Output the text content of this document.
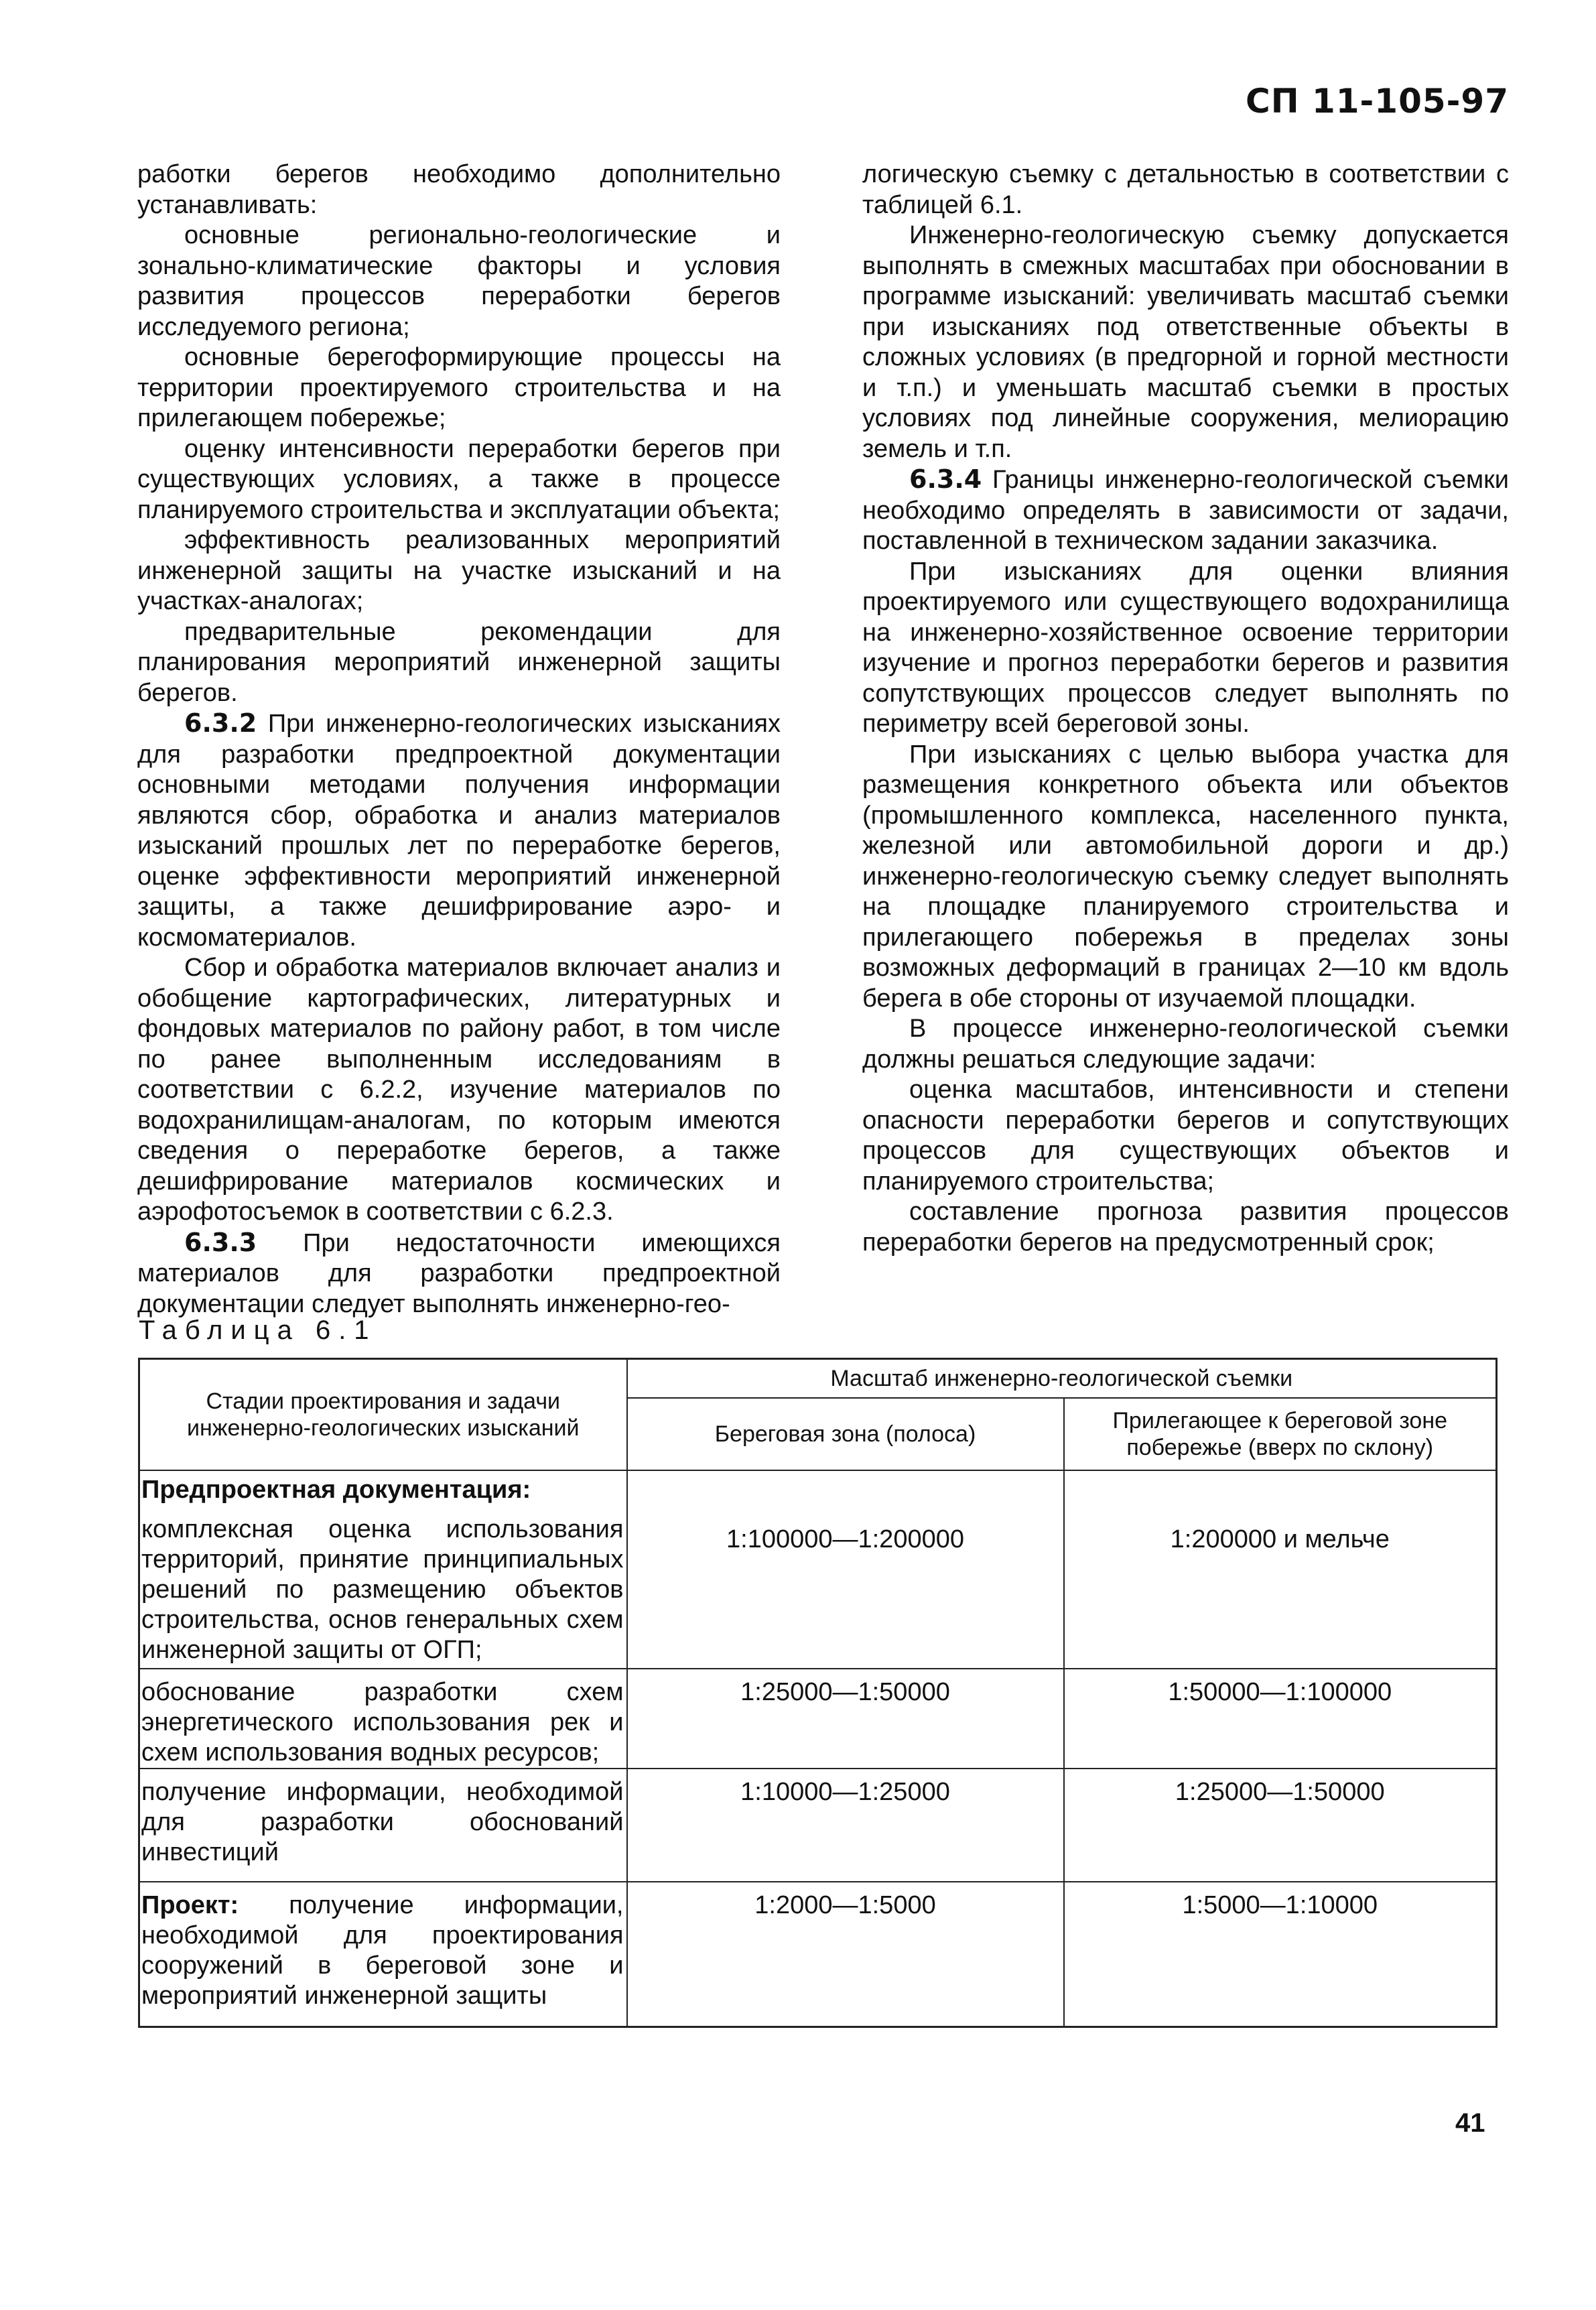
СП 11-105-97

работки берегов необходимо дополнительно устанавливать:

основные регионально-геологические и зонально-климатические факторы и условия развития процессов переработки берегов исследуемого региона;

основные берегоформирующие процессы на территории проектируемого строительства и на прилегающем побережье;

оценку интенсивности переработки берегов при существующих условиях, а также в процессе планируемого строительства и эксплуатации объекта;

эффективность реализованных мероприятий инженерной защиты на участке изысканий и на участках-аналогах;

предварительные рекомендации для планирования мероприятий инженерной защиты берегов.

6.3.2 При инженерно-геологических изысканиях для разработки предпроектной документации основными методами получения информации являются сбор, обработка и анализ материалов изысканий прошлых лет по переработке берегов, оценке эффективности мероприятий инженерной защиты, а также дешифрирование аэро- и космоматериалов.

Сбор и обработка материалов включает анализ и обобщение картографических, литературных и фондовых материалов по району работ, в том числе по ранее выполненным исследованиям в соответствии с 6.2.2, изучение материалов по водохранилищам-аналогам, по которым имеются сведения о переработке берегов, а также дешифрирование материалов космических и аэрофотосъемок в соответствии с 6.2.3.

6.3.3 При недостаточности имеющихся материалов для разработки предпроектной документации следует выполнять инженерно-гео-

логическую съемку с детальностью в соответствии с таблицей 6.1.

Инженерно-геологическую съемку допускается выполнять в смежных масштабах при обосновании в программе изысканий: увеличивать масштаб съемки при изысканиях под ответственные объекты в сложных условиях (в предгорной и горной местности и т.п.) и уменьшать масштаб съемки в простых условиях под линейные сооружения, мелиорацию земель и т.п.

6.3.4 Границы инженерно-геологической съемки необходимо определять в зависимости от задачи, поставленной в техническом задании заказчика.

При изысканиях для оценки влияния проектируемого или существующего водохранилища на инженерно-хозяйственное освоение территории изучение и прогноз переработки берегов и развития сопутствующих процессов следует выполнять по периметру всей береговой зоны.

При изысканиях с целью выбора участка для размещения конкретного объекта или объектов (промышленного комплекса, населенного пункта, железной или автомобильной дороги и др.) инженерно-геологическую съемку следует выполнять на площадке планируемого строительства и прилегающего побережья в пределах зоны возможных деформаций в границах 2—10 км вдоль берега в обе стороны от изучаемой площадки.

В процессе инженерно-геологической съемки должны решаться следующие задачи:

оценка масштабов, интенсивности и степени опасности переработки берегов и сопутствующих процессов для существующих объектов и планируемого строительства;

составление прогноза развития процессов переработки берегов на предусмотренный срок;

Таблица 6.1
Стадии проектирования и задачи инженерно-геологических изысканий	Масштаб инженерно-геологической съемки	
	Береговая зона (полоса)	Прилегающее к береговой зоне побережье (вверх по склону)

Предпроектная документация:
комплексная оценка использования территорий, принятие принципиальных решений по размещению объектов строительства, основ генеральных схем инженерной защиты от ОГП;	1:100000—1:200000	1:200000 и мельче
обоснование разработки схем энергетического использования рек и схем использования водных ресурсов;	1:25000—1:50000	1:50000—1:100000
получение информации, необходимой для разработки обоснований инвестиций	1:10000—1:25000	1:25000—1:50000
Проект: получение информации, необходимой для проектирования сооружений в береговой зоне и мероприятий инженерной защиты	1:2000—1:5000	1:5000—1:10000
41
